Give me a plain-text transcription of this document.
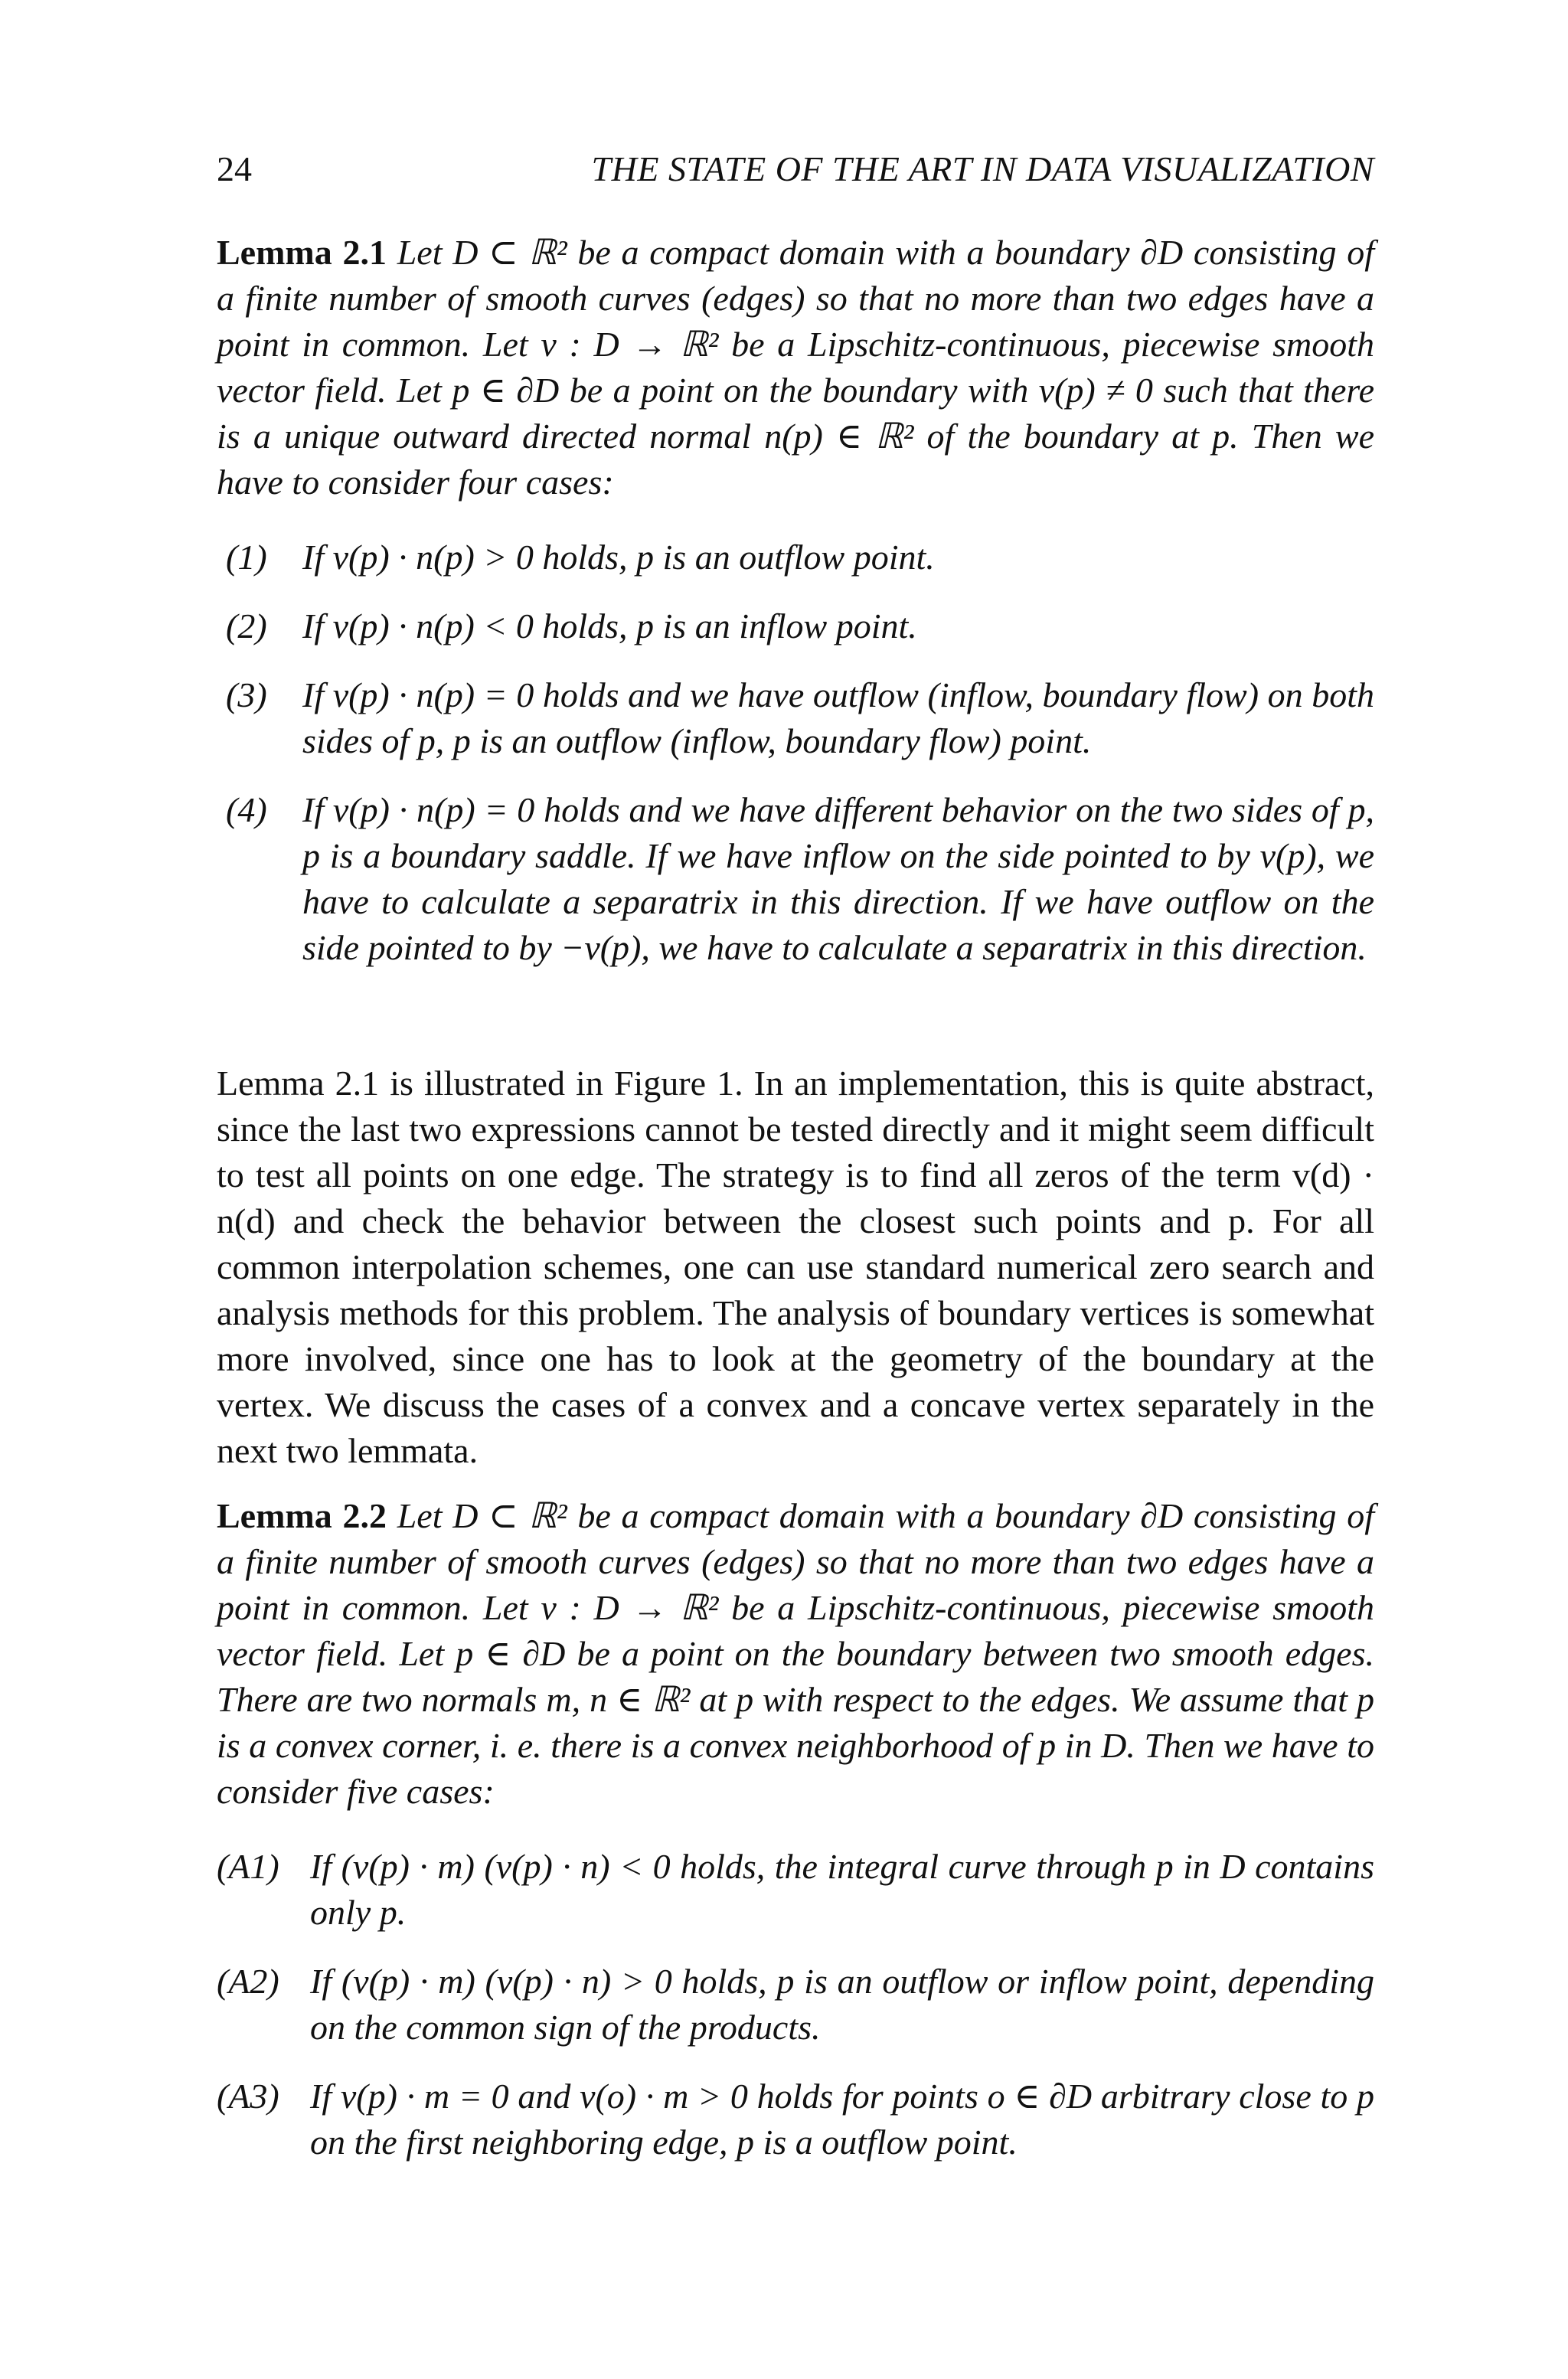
24	THE STATE OF THE ART IN DATA VISUALIZATION
Lemma 2.1 Let D ⊂ ℝ² be a compact domain with a boundary ∂D consisting of a finite number of smooth curves (edges) so that no more than two edges have a point in common. Let v : D → ℝ² be a Lipschitz-continuous, piecewise smooth vector field. Let p ∈ ∂D be a point on the boundary with v(p) ≠ 0 such that there is a unique outward directed normal n(p) ∈ ℝ² of the boundary at p. Then we have to consider four cases:
(1) If v(p) · n(p) > 0 holds, p is an outflow point.
(2) If v(p) · n(p) < 0 holds, p is an inflow point.
(3) If v(p) · n(p) = 0 holds and we have outflow (inflow, boundary flow) on both sides of p, p is an outflow (inflow, boundary flow) point.
(4) If v(p) · n(p) = 0 holds and we have different behavior on the two sides of p, p is a boundary saddle. If we have inflow on the side pointed to by v(p), we have to calculate a separatrix in this direction. If we have outflow on the side pointed to by −v(p), we have to calculate a separatrix in this direction.
Lemma 2.1 is illustrated in Figure 1. In an implementation, this is quite abstract, since the last two expressions cannot be tested directly and it might seem difficult to test all points on one edge. The strategy is to find all zeros of the term v(d) · n(d) and check the behavior between the closest such points and p. For all common interpolation schemes, one can use standard numerical zero search and analysis methods for this problem. The analysis of boundary vertices is somewhat more involved, since one has to look at the geometry of the boundary at the vertex. We discuss the cases of a convex and a concave vertex separately in the next two lemmata.
Lemma 2.2 Let D ⊂ ℝ² be a compact domain with a boundary ∂D consisting of a finite number of smooth curves (edges) so that no more than two edges have a point in common. Let v : D → ℝ² be a Lipschitz-continuous, piecewise smooth vector field. Let p ∈ ∂D be a point on the boundary between two smooth edges. There are two normals m, n ∈ ℝ² at p with respect to the edges. We assume that p is a convex corner, i. e. there is a convex neighborhood of p in D. Then we have to consider five cases:
(A1) If (v(p) · m) (v(p) · n) < 0 holds, the integral curve through p in D contains only p.
(A2) If (v(p) · m) (v(p) · n) > 0 holds, p is an outflow or inflow point, depending on the common sign of the products.
(A3) If v(p) · m = 0 and v(o) · m > 0 holds for points o ∈ ∂D arbitrary close to p on the first neighboring edge, p is a outflow point.
